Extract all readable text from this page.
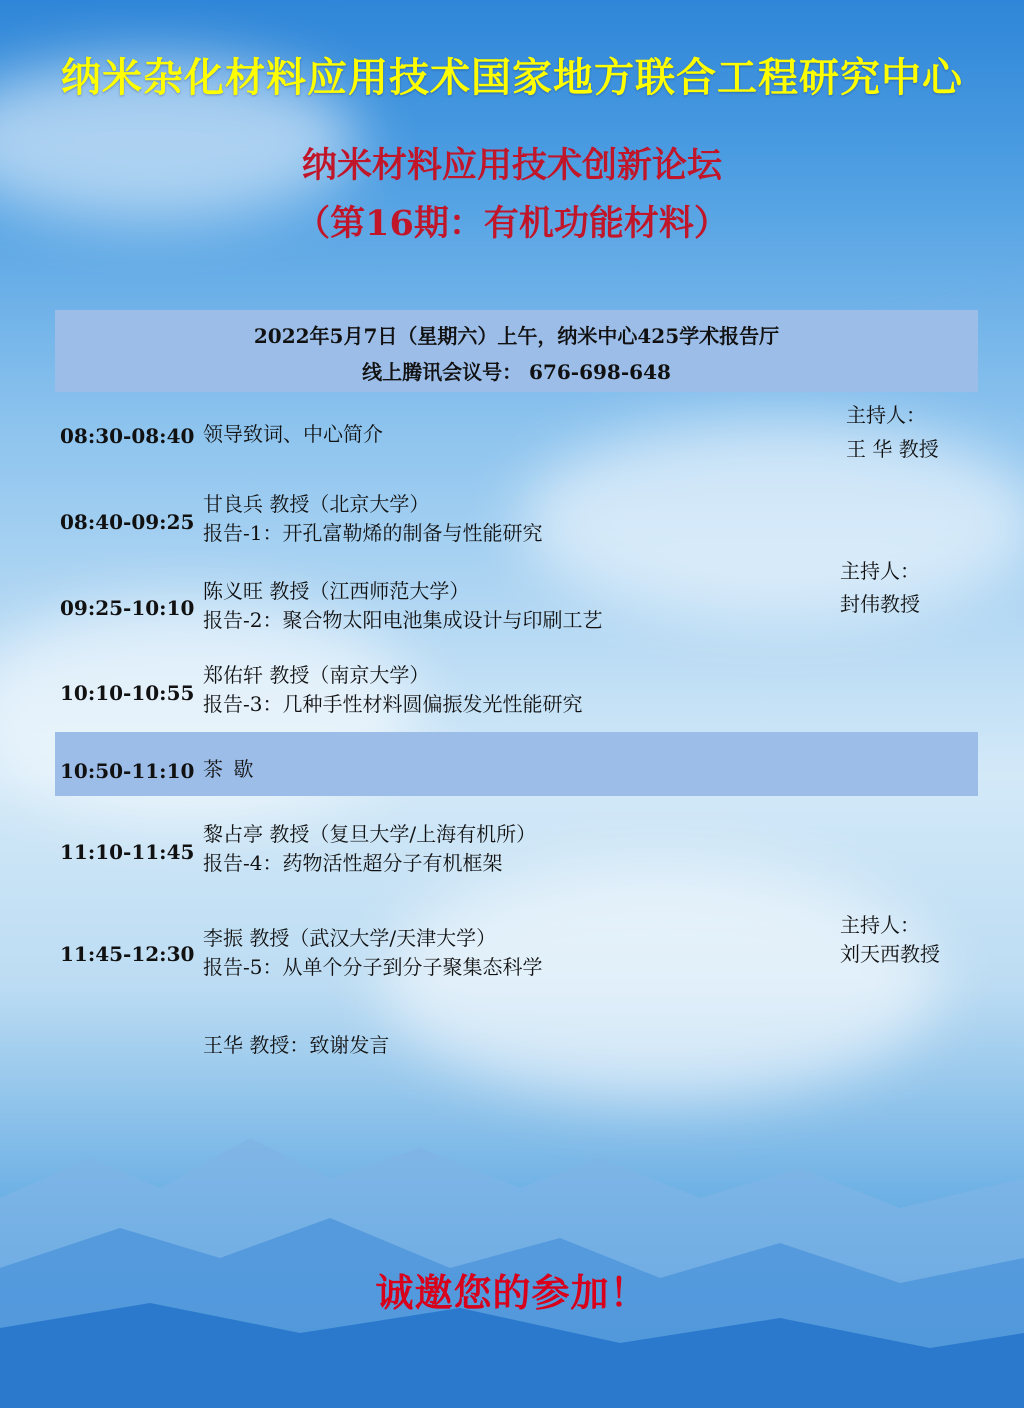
纳米杂化材料应用技术国家地方联合工程研究中心
纳米材料应用技术创新论坛
（第16期：有机功能材料）
2022年5月7日（星期六）上午，纳米中心425学术报告厅
线上腾讯会议号： 676-698-648
08:30-08:40 领导致词、中心简介
08:40-09:25
甘良兵 教授（北京大学）
报告-1：开孔富勒烯的制备与性能研究
09:25-10:10
陈义旺 教授（江西师范大学）
报告-2：聚合物太阳电池集成设计与印刷工艺
10:10-10:55
郑佑轩 教授（南京大学）
报告-3：几种手性材料圆偏振发光性能研究
10:50-11:10 茶 歇
11:10-11:45
黎占亭 教授（复旦大学/上海有机所）
报告-4：药物活性超分子有机框架
11:45-12:30
李振 教授（武汉大学/天津大学）
报告-5：从单个分子到分子聚集态科学
王华 教授：致谢发言
主持人：
王 华 教授
主持人：
封伟教授
主持人：
刘天西教授
诚邀您的参加！
